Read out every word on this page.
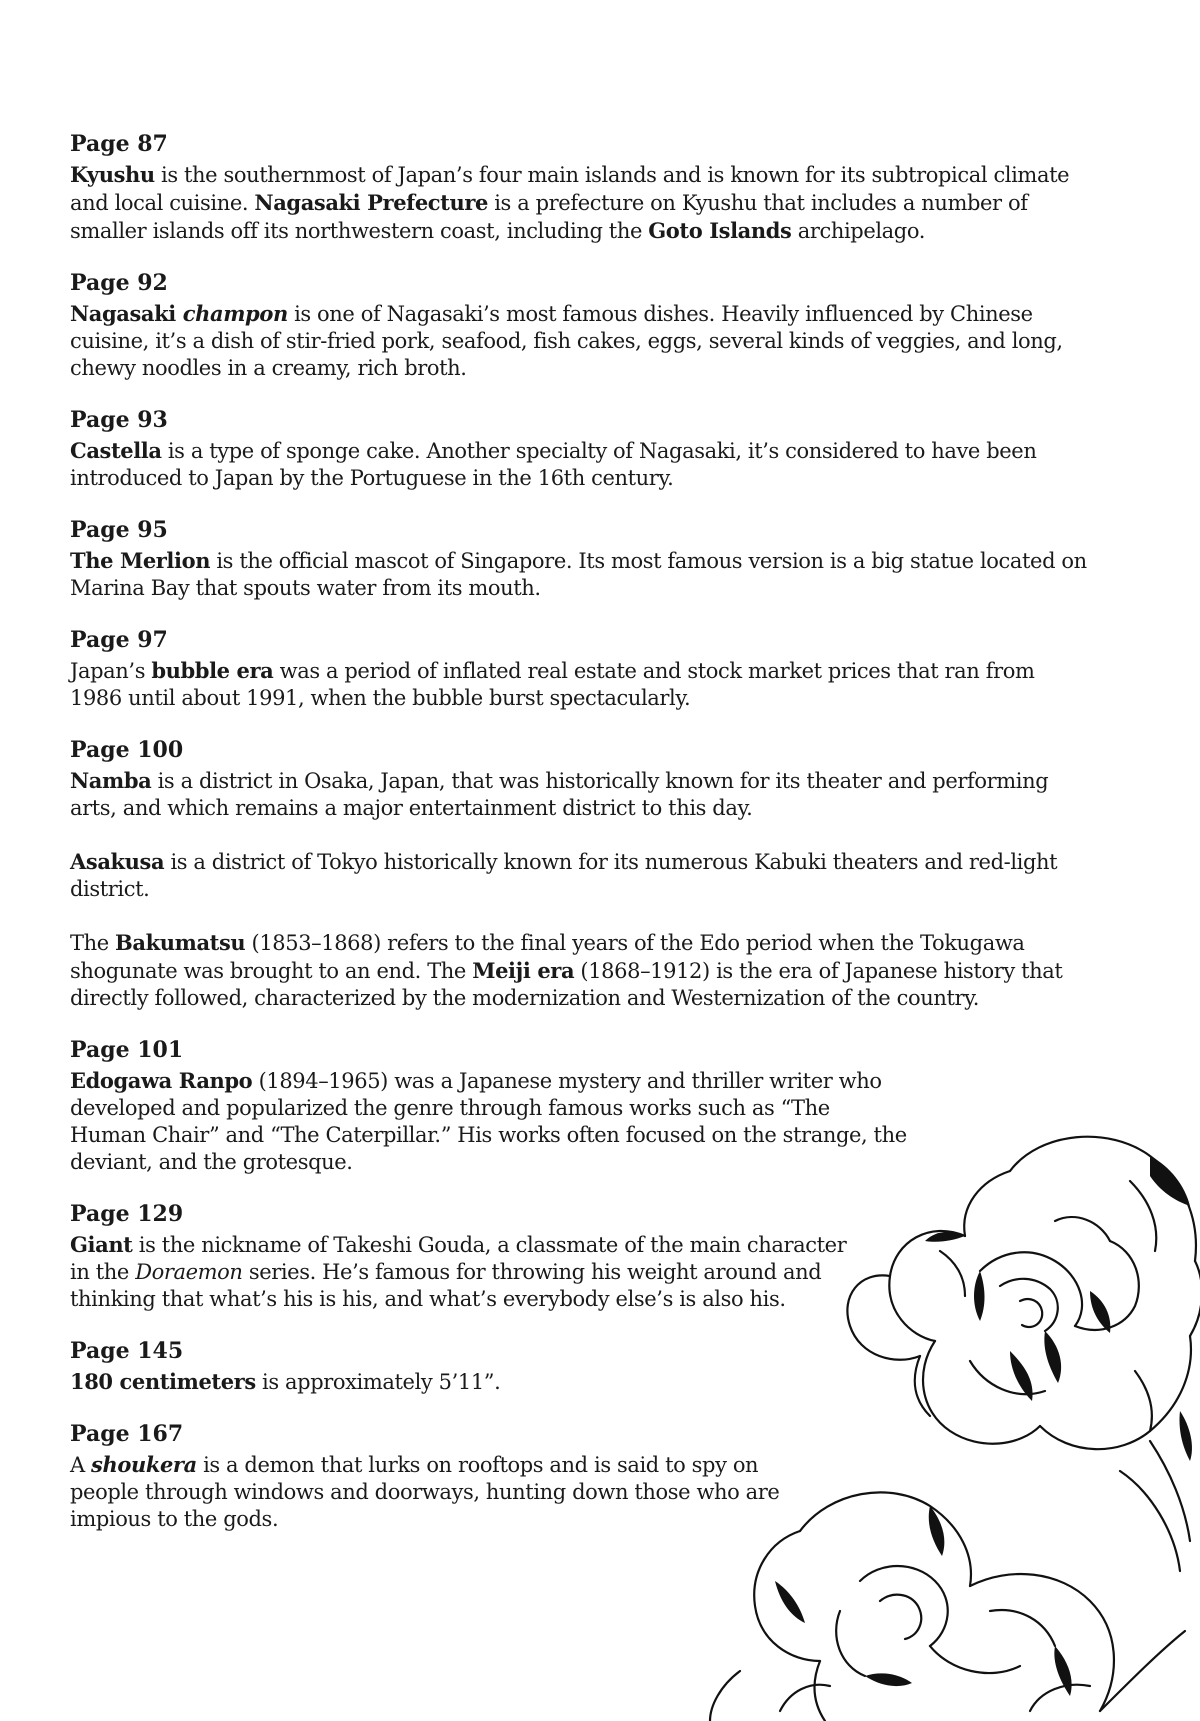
Page 87

Kyushu is the southernmost of Japan’s four main islands and is known for its subtropical climate and local cuisine. Nagasaki Prefecture is a prefecture on Kyushu that includes a number of smaller islands off its northwestern coast, including the Goto Islands archipelago.

Page 92

Nagasaki champon is one of Nagasaki’s most famous dishes. Heavily influenced by Chinese cuisine, it’s a dish of stir-fried pork, seafood, fish cakes, eggs, several kinds of veggies, and long, chewy noodles in a creamy, rich broth.

Page 93

Castella is a type of sponge cake. Another specialty of Nagasaki, it’s considered to have been introduced to Japan by the Portuguese in the 16th century.

Page 95

The Merlion is the official mascot of Singapore. Its most famous version is a big statue located on Marina Bay that spouts water from its mouth.

Page 97

Japan’s bubble era was a period of inflated real estate and stock market prices that ran from 1986 until about 1991, when the bubble burst spectacularly.

Page 100

Namba is a district in Osaka, Japan, that was historically known for its theater and performing arts, and which remains a major entertainment district to this day.

Asakusa is a district of Tokyo historically known for its numerous Kabuki theaters and red-light district.

The Bakumatsu (1853–1868) refers to the final years of the Edo period when the Tokugawa shogunate was brought to an end. The Meiji era (1868–1912) is the era of Japanese history that directly followed, characterized by the modernization and Westernization of the country.

Page 101

Edogawa Ranpo (1894–1965) was a Japanese mystery and thriller writer who developed and popularized the genre through famous works such as “The Human Chair” and “The Caterpillar.” His works often focused on the strange, the deviant, and the grotesque.

Page 129

Giant is the nickname of Takeshi Gouda, a classmate of the main character in the Doraemon series. He’s famous for throwing his weight around and thinking that what’s his is his, and what’s everybody else’s is also his.

Page 145

180 centimeters is approximately 5’11”.

Page 167

A shoukera is a demon that lurks on rooftops and is said to spy on people through windows and doorways, hunting down those who are impious to the gods.
